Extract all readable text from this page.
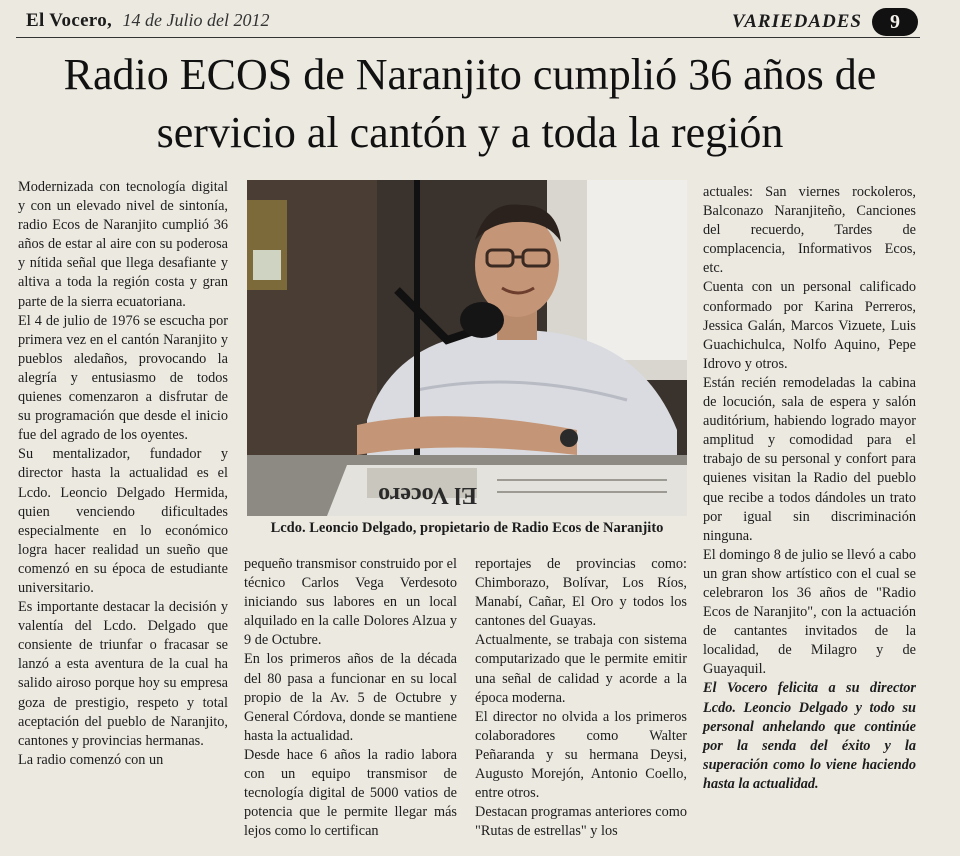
El Vocero, 14 de Julio del 2012	VARIEDADES	9
Radio ECOS de Naranjito cumplió 36 años de
servicio al cantón y a toda la región

Modernizada con tecnología digital y con un elevado nivel de sintonía, radio Ecos de Naranjito cumplió 36 años de estar al aire con su poderosa y nítida señal que llega desafiante y altiva a toda la región costa y gran parte de la sierra ecuatoriana.

El 4 de julio de 1976 se escucha por primera vez en el cantón Naranjito y pueblos aledaños, provocando la alegría y entusiasmo de todos quienes comenzaron a disfrutar de su programación que desde el inicio fue del agrado de los oyentes.

Su mentalizador, fundador y director hasta la actualidad es el Lcdo. Leoncio Delgado Hermida, quien venciendo dificultades especialmente en lo económico logra hacer realidad un sueño que comenzó en su época de estudiante universitario.

Es importante destacar la decisión y valentía del Lcdo. Delgado que consiente de triunfar o fracasar se lanzó a esta aventura de la cual ha salido airoso porque hoy su empresa goza de prestigio, respeto y total aceptación del pueblo de Naranjito, cantones y provincias hermanas.

La radio comenzó con un

El Vocero
Lcdo. Leoncio Delgado, propietario de Radio Ecos de Naranjito

pequeño transmisor construido por el técnico Carlos Vega Verdesoto iniciando sus labores en un local alquilado en la calle Dolores Alzua y 9 de Octubre.

En los primeros años de la década del 80 pasa a funcionar en su local propio de la Av. 5 de Octubre y General Córdova, donde se mantiene hasta la actualidad.

Desde hace 6 años la radio labora con un equipo transmisor de tecnología digital de 5000 vatios de potencia que le permite llegar más lejos como lo certifican

reportajes de provincias como: Chimborazo, Bolívar, Los Ríos, Manabí, Cañar, El Oro y todos los cantones del Guayas.

Actualmente, se trabaja con sistema computarizado que le permite emitir una señal de calidad y acorde a la época moderna.

El director no olvida a los primeros colaboradores como Walter Peñaranda y su hermana Deysi, Augusto Morejón, Antonio Coello, entre otros.

Destacan programas anteriores como "Rutas de estrellas" y los

actuales: San viernes rockoleros, Balconazo Naranjiteño, Canciones del recuerdo, Tardes de complacencia, Informativos Ecos, etc.

Cuenta con un personal calificado conformado por Karina Perreros, Jessica Galán, Marcos Vizuete, Luis Guachichulca, Nolfo Aquino, Pepe Idrovo y otros.

Están recién remodeladas la cabina de locución, sala de espera y salón auditórium, habiendo logrado mayor amplitud y comodidad para el trabajo de su personal y confort para quienes visitan la Radio del pueblo que recibe a todos dándoles un trato por igual sin discriminación ninguna.

El domingo 8 de julio se llevó a cabo un gran show artístico con el cual se celebraron los 36 años de "Radio Ecos de Naranjito", con la actuación de cantantes invitados de la localidad, de Milagro y de Guayaquil.

El Vocero felicita a su director Lcdo. Leoncio Delgado y todo su personal anhelando que continúe por la senda del éxito y la superación como lo viene haciendo hasta la actualidad.
